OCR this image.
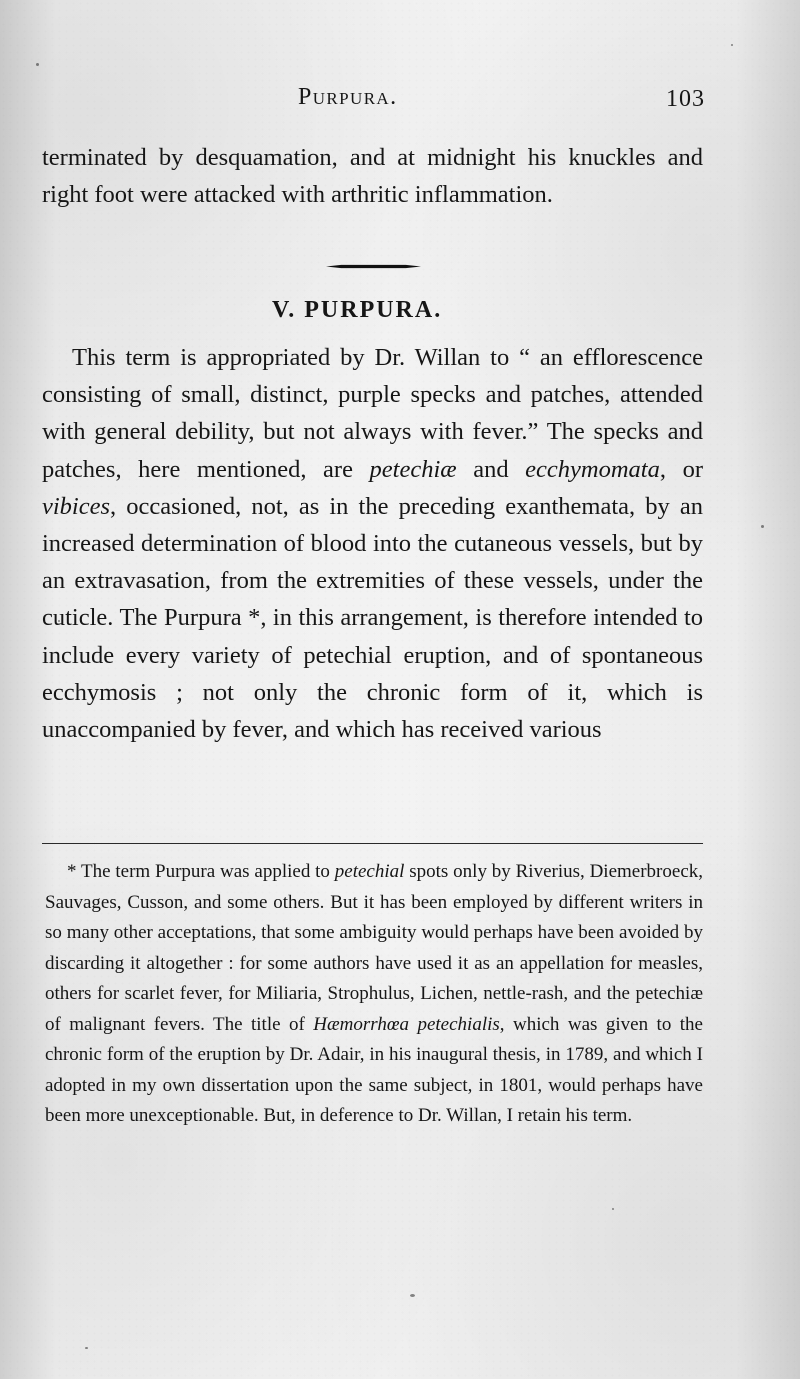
Purpura.	103

terminated by desquamation, and at midnight his knuckles and right foot were attacked with arthritic inflammation.

V. PURPURA.

This term is appropriated by Dr. Willan to “ an efflorescence consisting of small, distinct, purple specks and patches, attended with general debility, but not always with fever.” The specks and patches, here mentioned, are petechiæ and ecchymomata, or vibices, occasioned, not, as in the preceding exanthemata, by an increased determination of blood into the cutaneous vessels, but by an extravasation, from the extremities of these vessels, under the cuticle. The Purpura *, in this arrangement, is therefore intended to include every variety of petechial eruption, and of spontaneous ecchymosis ; not only the chronic form of it, which is unaccompanied by fever, and which has received various

* The term Purpura was applied to petechial spots only by Riverius, Diemerbroeck, Sauvages, Cusson, and some others. But it has been employed by different writers in so many other acceptations, that some ambiguity would perhaps have been avoided by discarding it altogether : for some authors have used it as an appellation for measles, others for scarlet fever, for Miliaria, Strophulus, Lichen, nettle-rash, and the petechiæ of malignant fevers. The title of Hæmorrhœa petechialis, which was given to the chronic form of the eruption by Dr. Adair, in his inaugural thesis, in 1789, and which I adopted in my own dissertation upon the same subject, in 1801, would perhaps have been more unexceptionable. But, in deference to Dr. Willan, I retain his term.
